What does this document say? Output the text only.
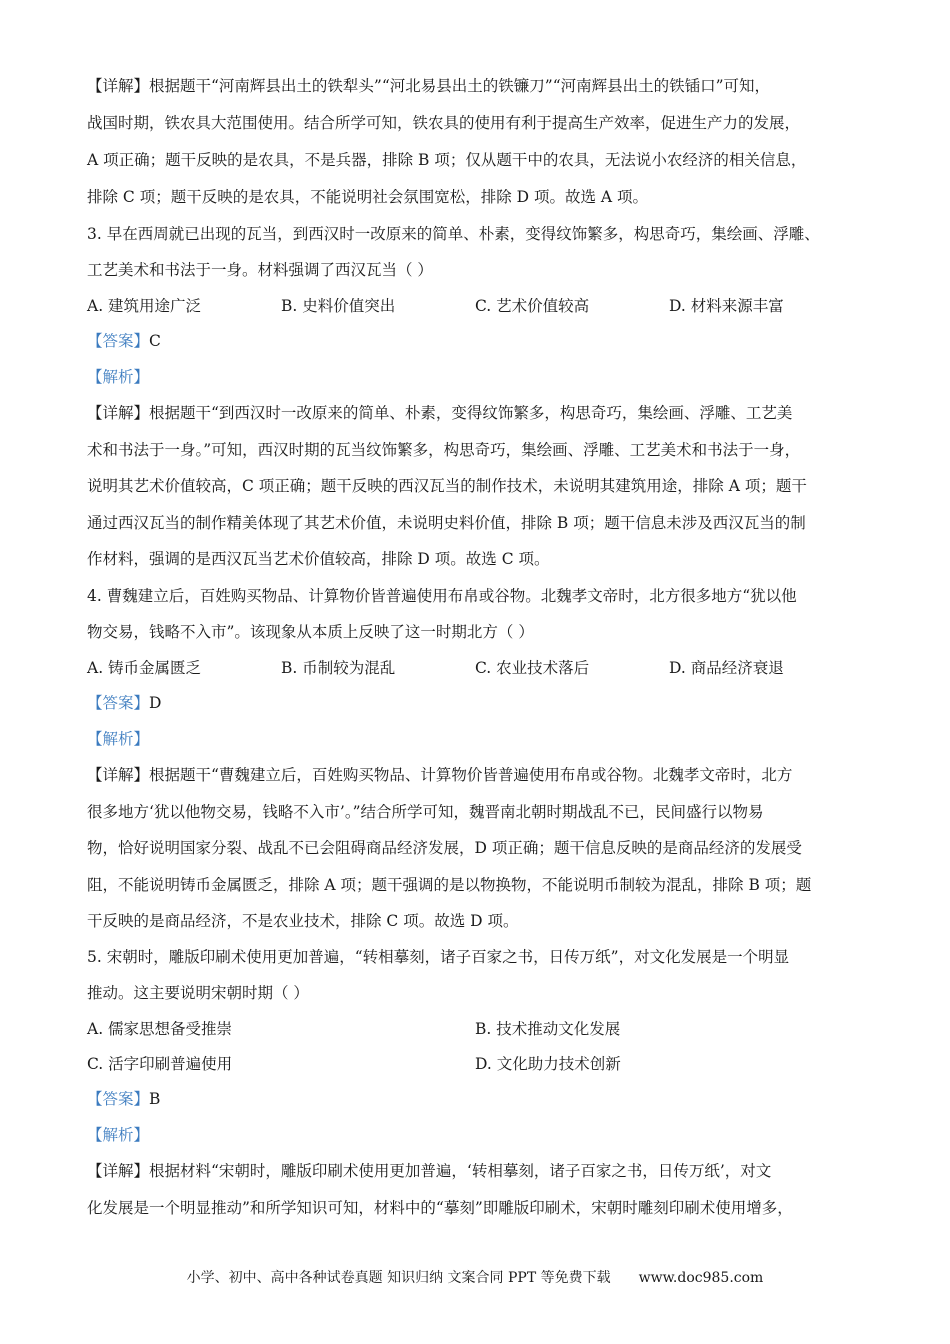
【详解】根据题干“河南辉县出土的铁犁头”“河北易县出土的铁镰刀”“河南辉县出土的铁锸口”可知，
战国时期，铁农具大范围使用。结合所学可知，铁农具的使用有利于提高生产效率，促进生产力的发展，
A 项正确；题干反映的是农具，不是兵器，排除 B 项；仅从题干中的农具，无法说小农经济的相关信息，
排除 C 项；题干反映的是农具，不能说明社会氛围宽松，排除 D 项。故选 A 项。
3. 早在西周就已出现的瓦当，到西汉时一改原来的简单、朴素，变得纹饰繁多，构思奇巧，集绘画、浮雕、
工艺美术和书法于一身。材料强调了西汉瓦当（ ）
A. 建筑用途广泛	B. 史料价值突出	C. 艺术价值较高	D. 材料来源丰富
【答案】C
【解析】
【详解】根据题干“到西汉时一改原来的简单、朴素，变得纹饰繁多，构思奇巧，集绘画、浮雕、工艺美
术和书法于一身。”可知，西汉时期的瓦当纹饰繁多，构思奇巧，集绘画、浮雕、工艺美术和书法于一身，
说明其艺术价值较高，C 项正确；题干反映的西汉瓦当的制作技术，未说明其建筑用途，排除 A 项；题干
通过西汉瓦当的制作精美体现了其艺术价值，未说明史料价值，排除 B 项；题干信息未涉及西汉瓦当的制
作材料，强调的是西汉瓦当艺术价值较高，排除 D 项。故选 C 项。
4. 曹魏建立后，百姓购买物品、计算物价皆普遍使用布帛或谷物。北魏孝文帝时，北方很多地方“犹以他
物交易，钱略不入市”。该现象从本质上反映了这一时期北方（ ）
A. 铸币金属匮乏	B. 币制较为混乱	C. 农业技术落后	D. 商品经济衰退
【答案】D
【解析】
【详解】根据题干“曹魏建立后，百姓购买物品、计算物价皆普遍使用布帛或谷物。北魏孝文帝时，北方
很多地方‘犹以他物交易，钱略不入市’。”结合所学可知，魏晋南北朝时期战乱不已，民间盛行以物易
物，恰好说明国家分裂、战乱不已会阻碍商品经济发展，D 项正确；题干信息反映的是商品经济的发展受
阻，不能说明铸币金属匮乏，排除 A 项；题干强调的是以物换物，不能说明币制较为混乱，排除 B 项；题
干反映的是商品经济，不是农业技术，排除 C 项。故选 D 项。
5. 宋朝时，雕版印刷术使用更加普遍，“转相摹刻，诸子百家之书，日传万纸”，对文化发展是一个明显
推动。这主要说明宋朝时期（ ）
A. 儒家思想备受推崇	B. 技术推动文化发展
C. 活字印刷普遍使用	D. 文化助力技术创新
【答案】B
【解析】
【详解】根据材料“宋朝时，雕版印刷术使用更加普遍，‘转相摹刻，诸子百家之书，日传万纸’，对文
化发展是一个明显推动”和所学知识可知，材料中的“摹刻”即雕版印刷术，宋朝时雕刻印刷术使用增多，
小学、初中、高中各种试卷真题 知识归纳 文案合同 PPT 等免费下载 www.doc985.com
